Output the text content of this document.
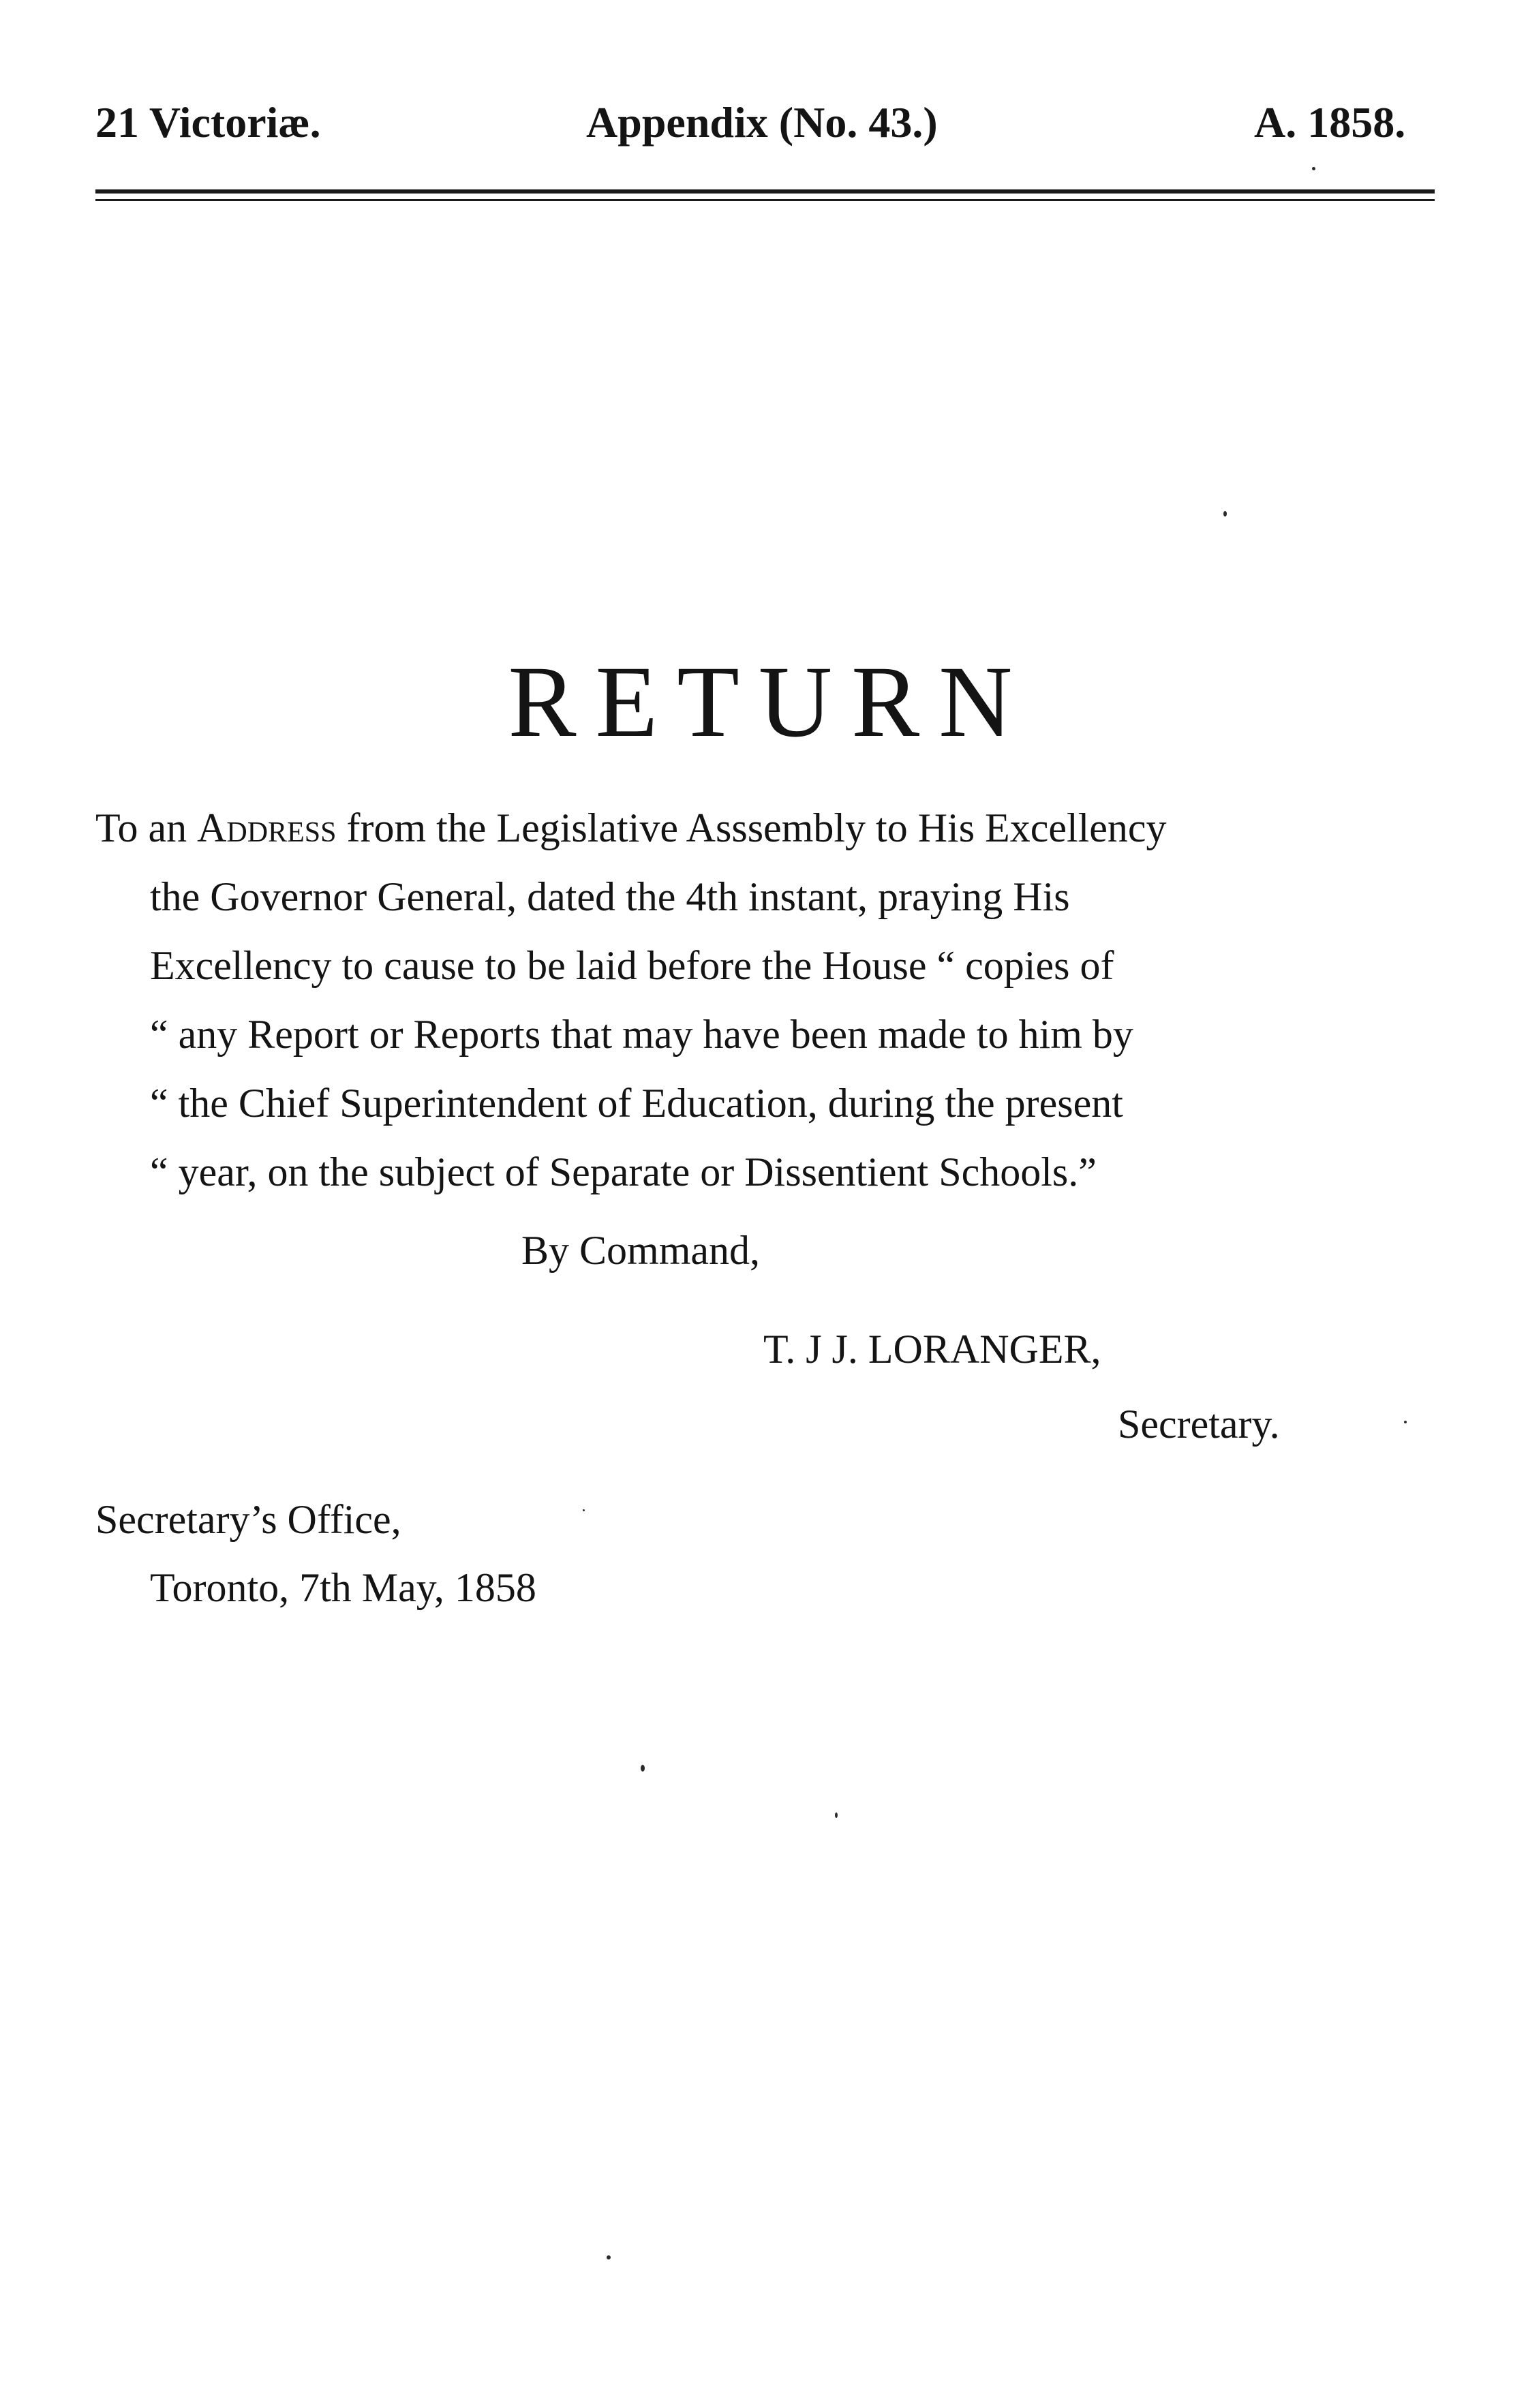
21 Victoriæ.	Appendix (No. 43.)	A. 1858.
RETURN
To an Address from the Legislative Asssembly to His Excellency
the Governor General, dated the 4th instant, praying His
Excellency to cause to be laid before the House “ copies of
“ any Report or Reports that may have been made to him by
“ the Chief Superintendent of Education, during the present
“ year, on the subject of Separate or Dissentient Schools.”
By Command,
T. J J. LORANGER,
Secretary.
Secretary’s Office,
Toronto, 7th May, 1858
